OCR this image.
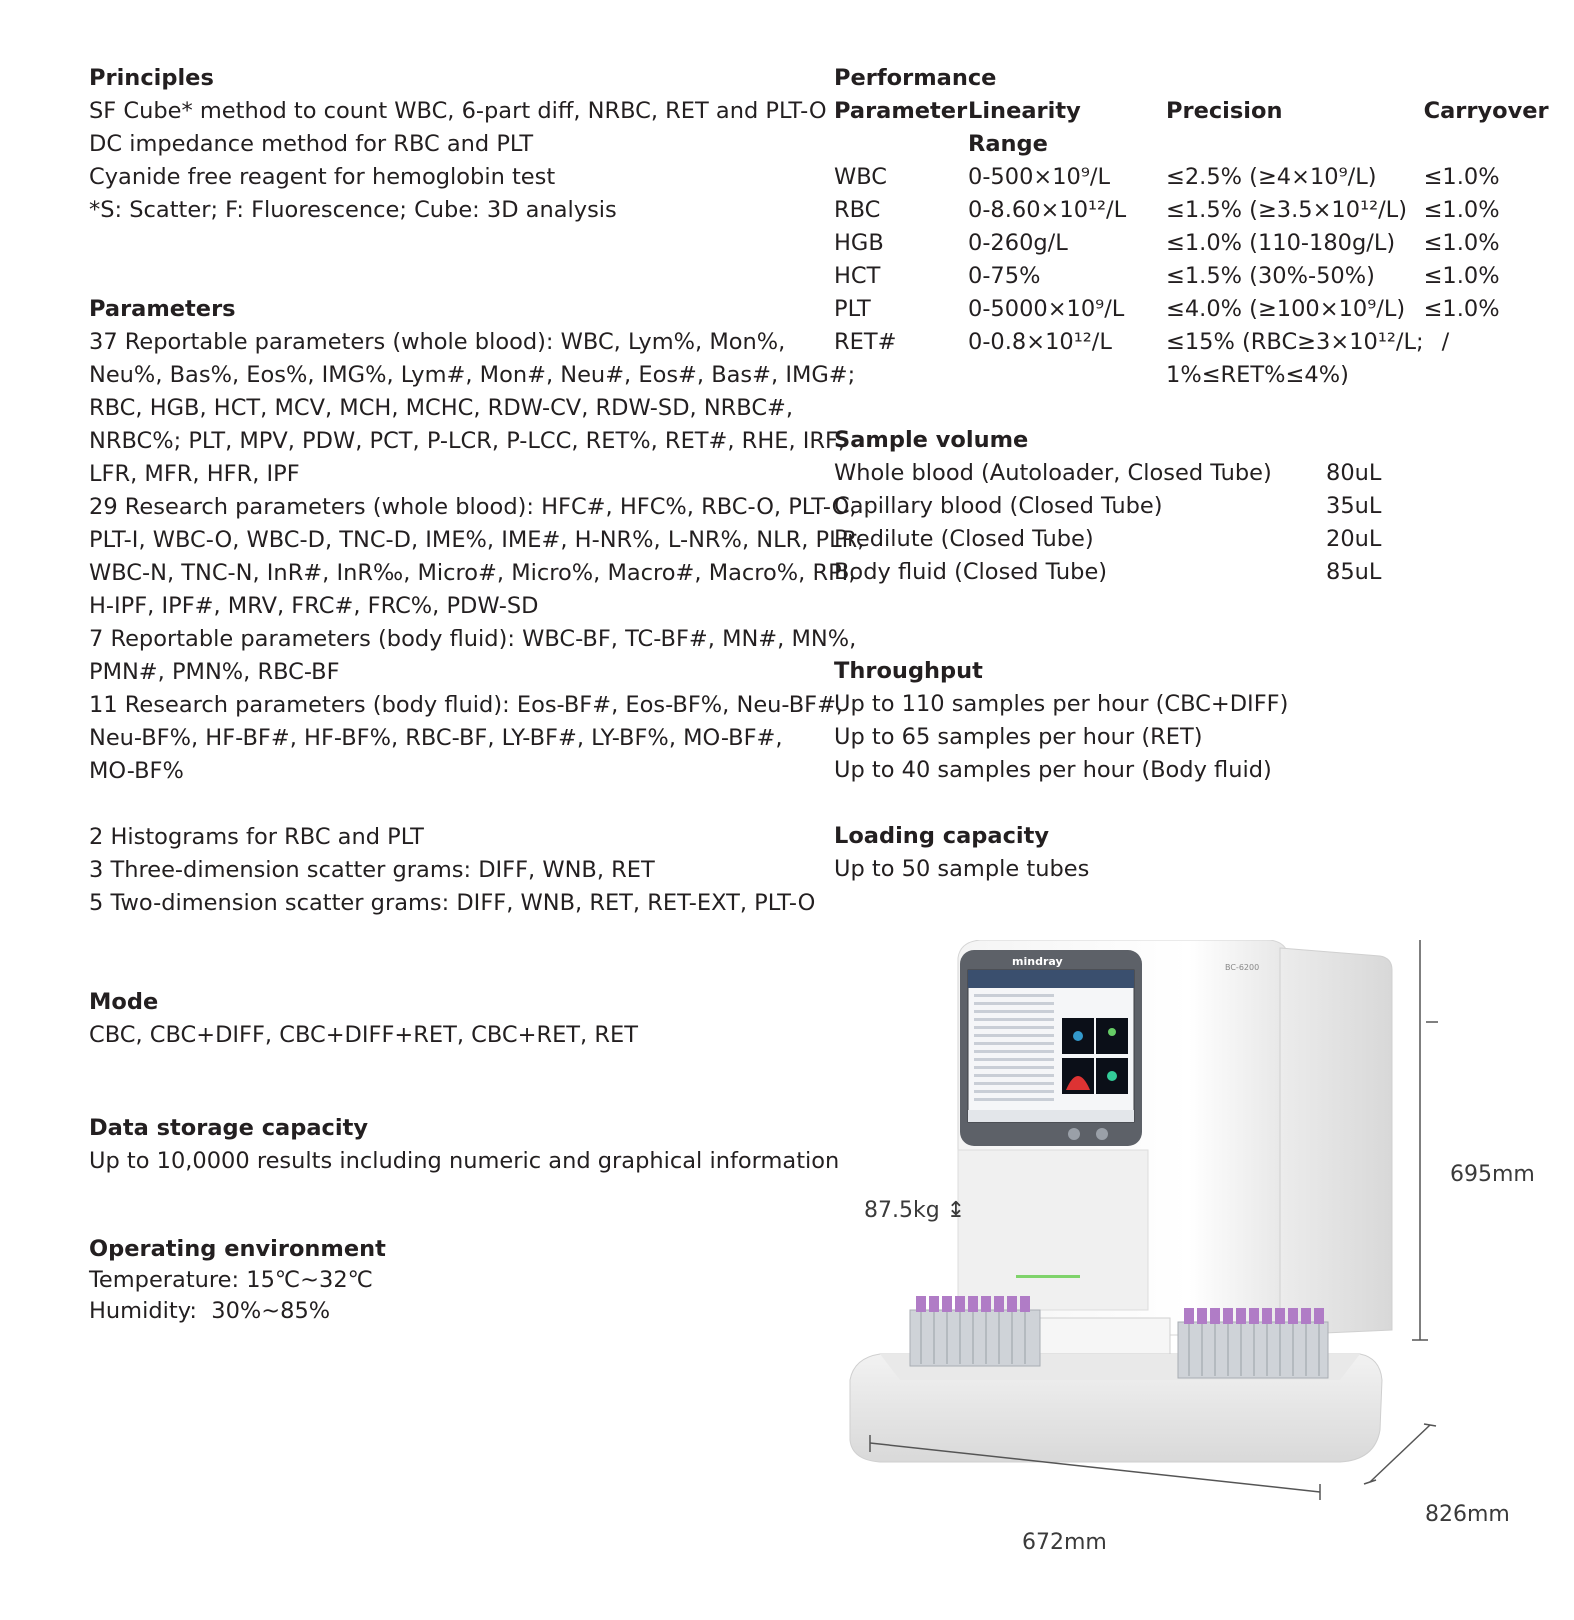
Principles

SF Cube* method to count WBC, 6-part diff, NRBC, RET and PLT-O

DC impedance method for RBC and PLT

Cyanide free reagent for hemoglobin test

*S: Scatter; F: Fluorescence; Cube: 3D analysis

Parameters

37 Reportable parameters (whole blood): WBC, Lym%, Mon%,

Neu%, Bas%, Eos%, IMG%, Lym#, Mon#, Neu#, Eos#, Bas#, IMG#;

RBC, HGB, HCT, MCV, MCH, MCHC, RDW-CV, RDW-SD, NRBC#,

NRBC%; PLT, MPV, PDW, PCT, P-LCR, P-LCC, RET%, RET#, RHE, IRF,

LFR, MFR, HFR, IPF

29 Research parameters (whole blood): HFC#, HFC%, RBC-O, PLT-O,

PLT-I, WBC-O, WBC-D, TNC-D, IME%, IME#, H-NR%, L-NR%, NLR, PLR,

WBC-N, TNC-N, InR#, InR‰, Micro#, Micro%, Macro#, Macro%, RPI,

H-IPF, IPF#, MRV, FRC#, FRC%, PDW-SD

7 Reportable parameters (body fluid): WBC-BF, TC-BF#, MN#, MN%,

PMN#, PMN%, RBC-BF

11 Research parameters (body fluid): Eos-BF#, Eos-BF%, Neu-BF#,

Neu-BF%, HF-BF#, HF-BF%, RBC-BF, LY-BF#, LY-BF%, MO-BF#,

MO-BF%

2 Histograms for RBC and PLT

3 Three-dimension scatter grams: DIFF, WNB, RET

5 Two-dimension scatter grams: DIFF, WNB, RET, RET-EXT, PLT-O

Mode

CBC, CBC+DIFF, CBC+DIFF+RET, CBC+RET, RET

Data storage capacity

Up to 10,0000 results including numeric and graphical information

Operating environment

Temperature: 15℃~32℃

Humidity:  30%~85%

Performance

Parameter	Linearity Range	Precision	Carryover
WBC	0-500×10⁹/L	≤2.5% (≥4×10⁹/L)	≤1.0%
RBC	0-8.60×10¹²/L	≤1.5% (≥3.5×10¹²/L)	≤1.0%
HGB	0-260g/L	≤1.0% (110-180g/L)	≤1.0%
HCT	0-75%	≤1.5% (30%-50%)	≤1.0%
PLT	0-5000×10⁹/L	≤4.0% (≥100×10⁹/L)	≤1.0%
RET#	0-0.8×10¹²/L	≤15% (RBC≥3×10¹²/L;
1%≤RET%≤4%)	/

Sample volume

Whole blood (Autoloader, Closed Tube)	80uL
Capillary blood (Closed Tube)	35uL
Predilute (Closed Tube)	20uL
Body fluid (Closed Tube)	85uL

Throughput

Up to 110 samples per hour (CBC+DIFF)

Up to 65 samples per hour (RET)

Up to 40 samples per hour (Body fluid)

Loading capacity

Up to 50 sample tubes

mindray	BC-6200
87.5kg ↨
695mm
672mm
826mm
